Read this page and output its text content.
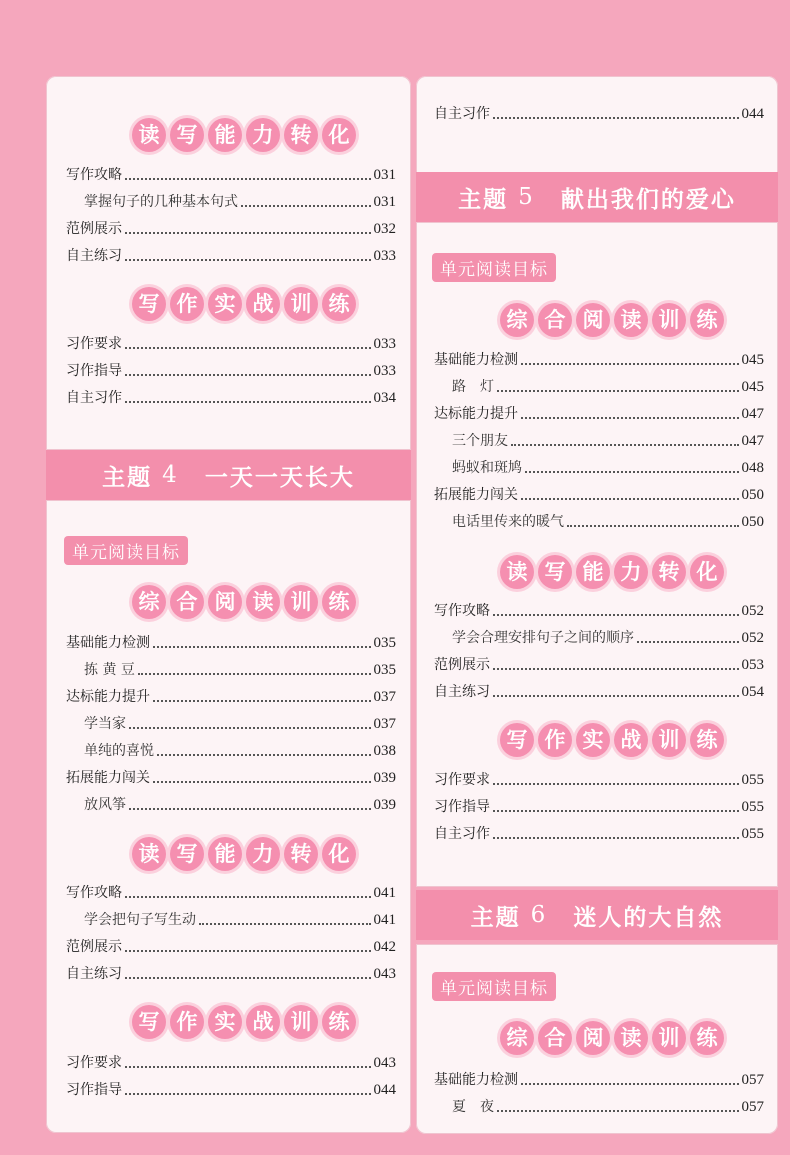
读 写 能 力 转 化
写作攻略	031
掌握句子的几种基本句式	031
范例展示	032
自主练习	033
写 作 实 战 训 练
习作要求	033
习作指导	033
自主习作	034
主题 4 一天一天长大
单元阅读目标
综 合 阅 读 训 练
基础能力检测	035
拣 黄 豆	035
达标能力提升	037
学当家	037
单纯的喜悦	038
拓展能力闯关	039
放风筝	039
读 写 能 力 转 化
写作攻略	041
学会把句子写生动	041
范例展示	042
自主练习	043
写 作 实 战 训 练
习作要求	043
习作指导	044
自主习作	044
主题 5 献出我们的爱心
单元阅读目标
综 合 阅 读 训 练
基础能力检测	045
路　灯	045
达标能力提升	047
三个朋友	047
蚂蚁和斑鸠	048
拓展能力闯关	050
电话里传来的暖气	050
读 写 能 力 转 化
写作攻略	052
学会合理安排句子之间的顺序	052
范例展示	053
自主练习	054
写 作 实 战 训 练
习作要求	055
习作指导	055
自主习作	055
主题 6 迷人的大自然
单元阅读目标
综 合 阅 读 训 练
基础能力检测	057
夏　夜	057
